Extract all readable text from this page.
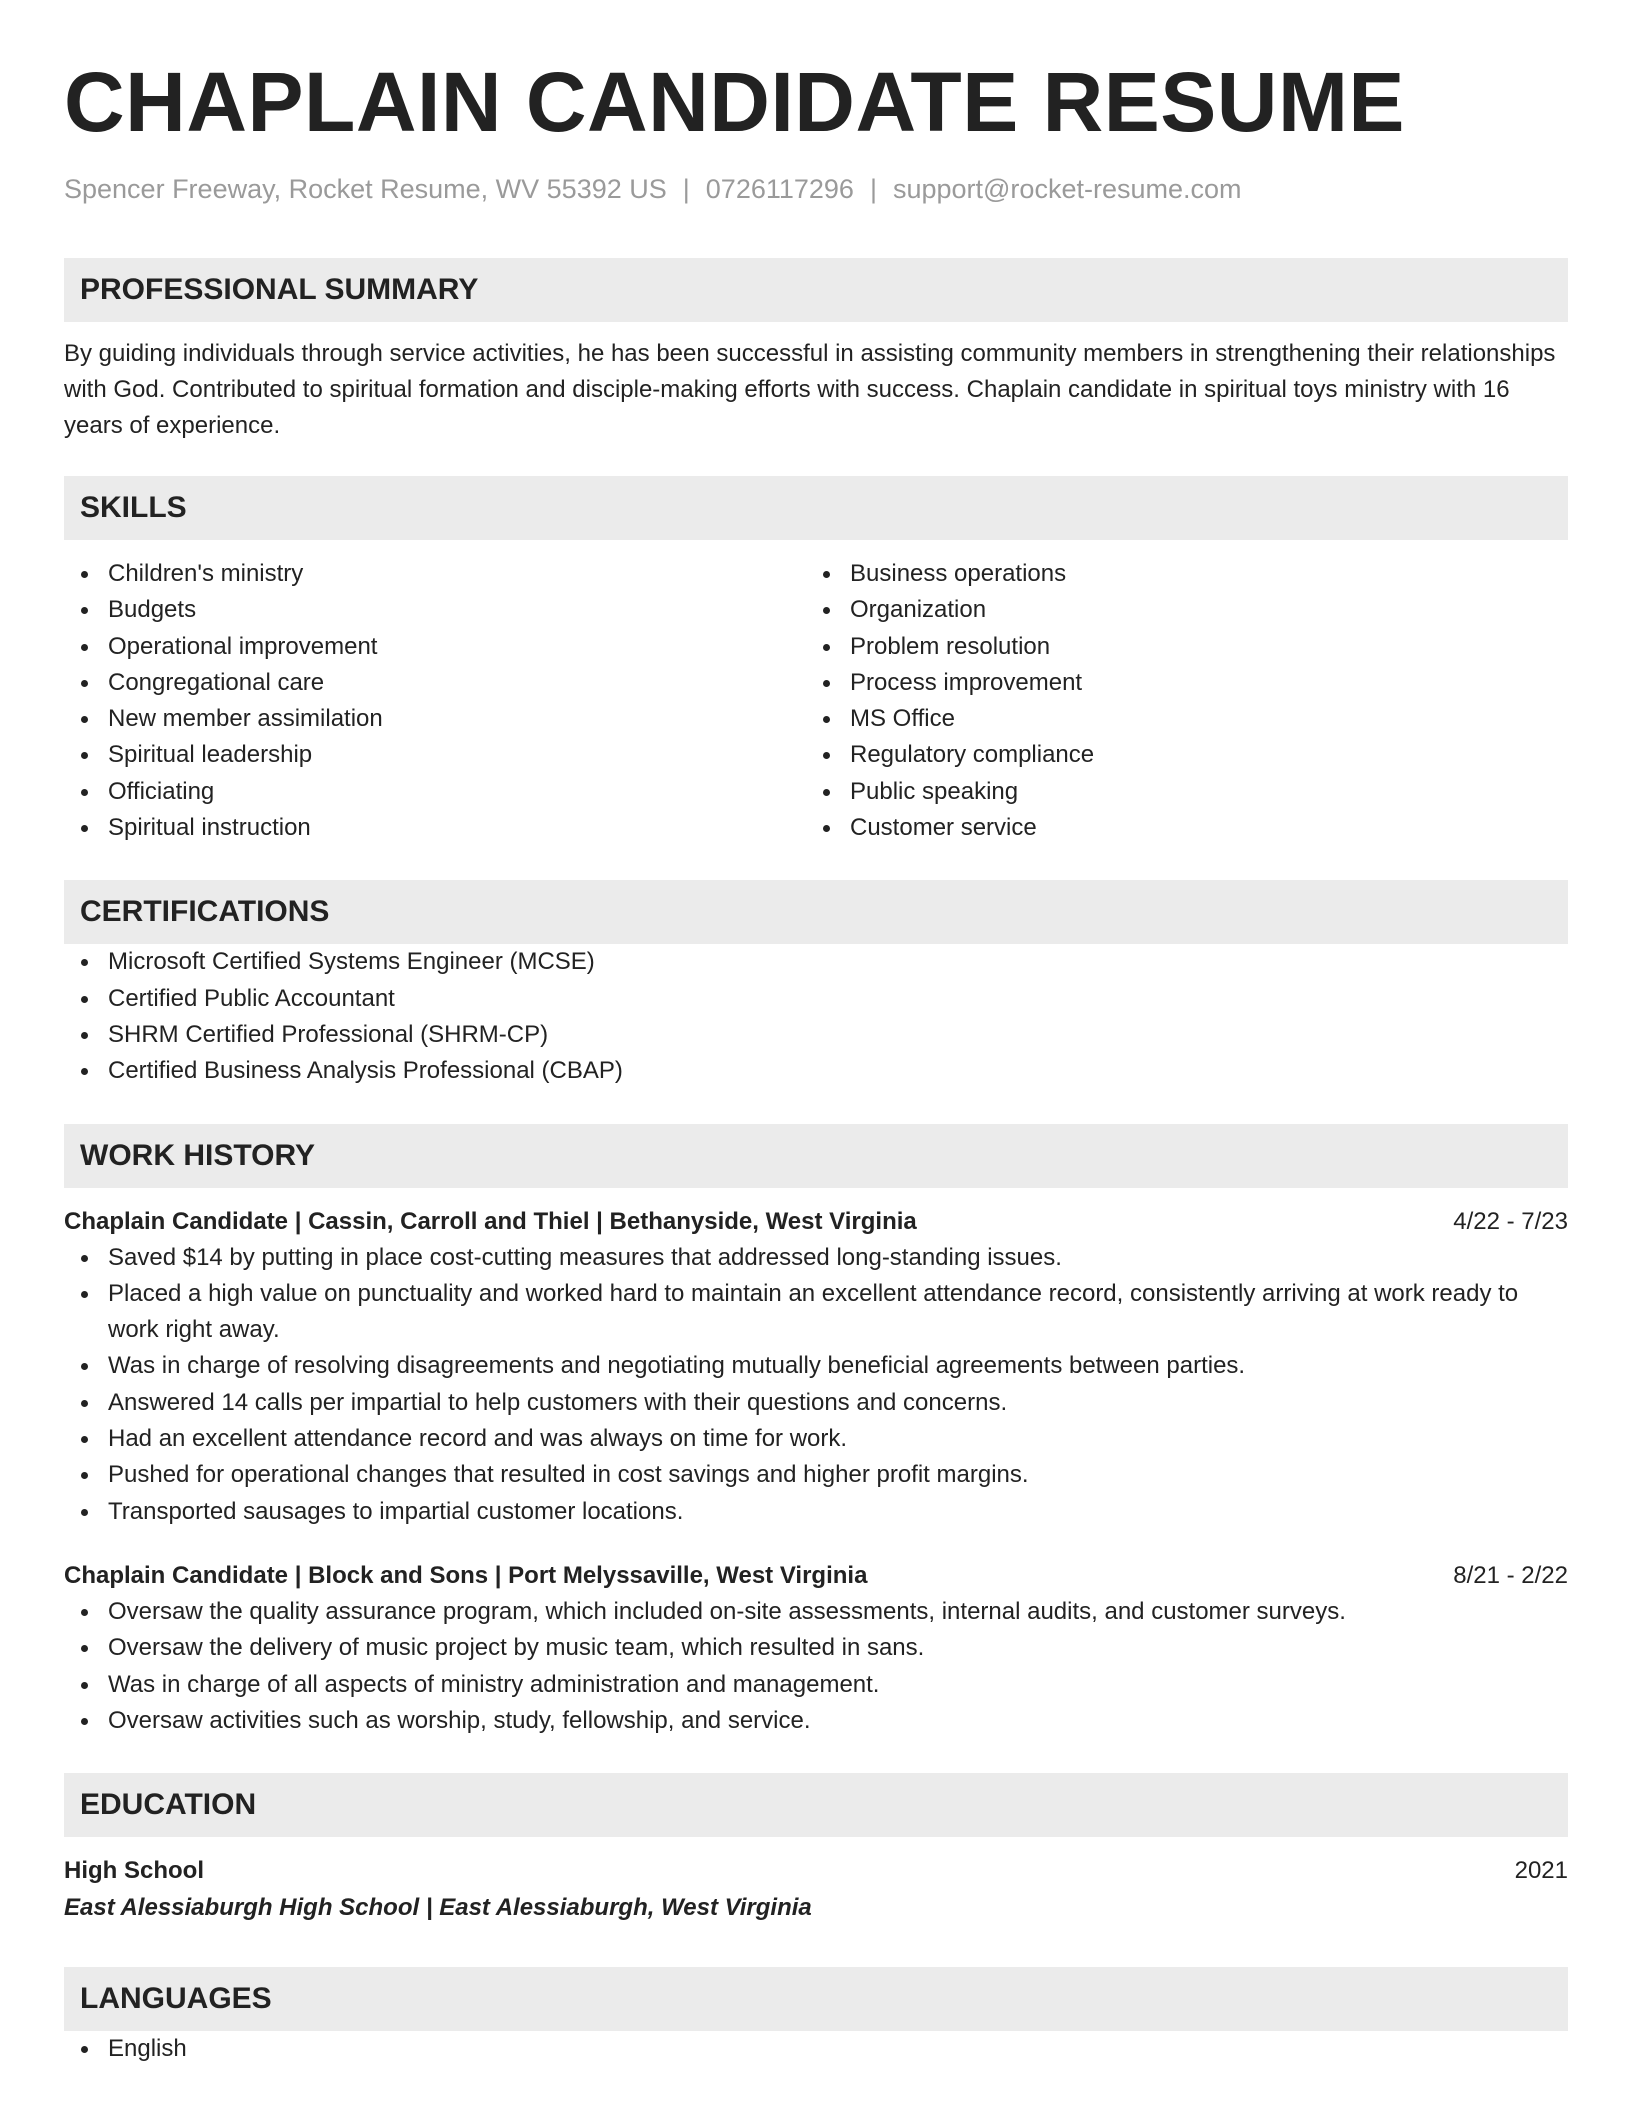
CHAPLAIN CANDIDATE RESUME
Spencer Freeway, Rocket Resume, WV 55392 US | 0726117296 | support@rocket-resume.com
PROFESSIONAL SUMMARY
By guiding individuals through service activities, he has been successful in assisting community members in strengthening their relationships with God. Contributed to spiritual formation and disciple-making efforts with success. Chaplain candidate in spiritual toys ministry with 16 years of experience.
SKILLS
Children's ministry
Budgets
Operational improvement
Congregational care
New member assimilation
Spiritual leadership
Officiating
Spiritual instruction
Business operations
Organization
Problem resolution
Process improvement
MS Office
Regulatory compliance
Public speaking
Customer service
CERTIFICATIONS
Microsoft Certified Systems Engineer (MCSE)
Certified Public Accountant
SHRM Certified Professional (SHRM-CP)
Certified Business Analysis Professional (CBAP)
WORK HISTORY
Chaplain Candidate | Cassin, Carroll and Thiel | Bethanyside, West Virginia	4/22 - 7/23
Saved $14 by putting in place cost-cutting measures that addressed long-standing issues.
Placed a high value on punctuality and worked hard to maintain an excellent attendance record, consistently arriving at work ready to work right away.
Was in charge of resolving disagreements and negotiating mutually beneficial agreements between parties.
Answered 14 calls per impartial to help customers with their questions and concerns.
Had an excellent attendance record and was always on time for work.
Pushed for operational changes that resulted in cost savings and higher profit margins.
Transported sausages to impartial customer locations.
Chaplain Candidate | Block and Sons | Port Melyssaville, West Virginia	8/21 - 2/22
Oversaw the quality assurance program, which included on-site assessments, internal audits, and customer surveys.
Oversaw the delivery of music project by music team, which resulted in sans.
Was in charge of all aspects of ministry administration and management.
Oversaw activities such as worship, study, fellowship, and service.
EDUCATION
High School	2021
East Alessiaburgh High School | East Alessiaburgh, West Virginia
LANGUAGES
English
